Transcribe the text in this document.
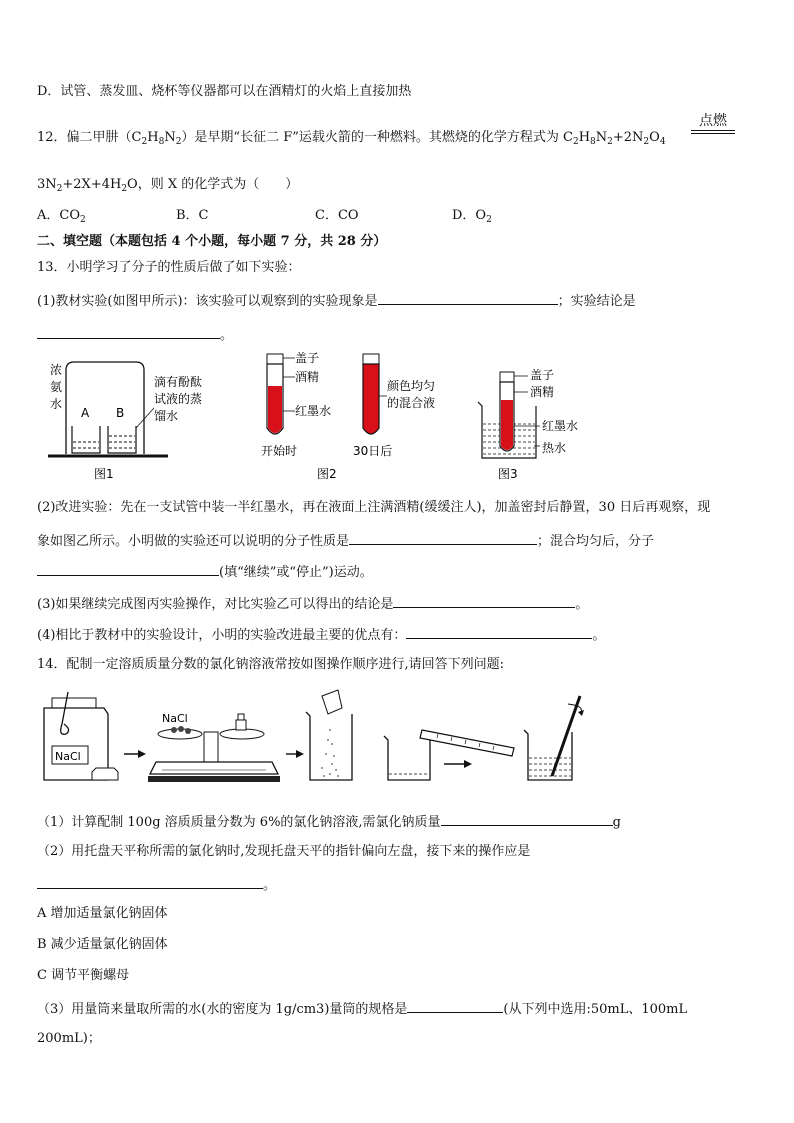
D．试管、蒸发皿、烧杯等仪器都可以在酒精灯的火焰上直接加热
12．偏二甲肼$(C_2H_8N_2)$是早期“长征二 F”运载火箭的一种燃料。其燃烧的化学方程式为 $C_2H_8N_2+2N_2O_4$
点燃
$3N_2+2X+4H_2O$，则 X 的化学式为（　　）
A．$CO_2$	B．C	C．CO	D．$O_2$
二、填空题（本题包括 4 个小题，每小题 7 分，共 28 分）
13．小明学习了分子的性质后做了如下实验：
(1)教材实验(如图甲所示)：该实验可以观察到的实验现象是	；实验结论是
。
浓
氨
水
A B
滴有酚酞
试液的蒸
馏水
图1
盖子
酒精
红墨水
开始时
颜色均匀
的混合液
30日后
图2
盖子
酒精
红墨水
热水
图3
(2)改进实验：先在一支试管中装一半红墨水，再在液面上注满酒精(缓缓注人)，加盖密封后静置，30 日后再观察，现
象如图乙所示。小明做的实验还可以说明的分子性质是	；混合均匀后，分子
(填“继续”或“停止”)运动。
(3)如果继续完成图丙实验操作，对比实验乙可以得出的结论是	。
(4)相比于教材中的实验设计，小明的实验改进最主要的优点有：	。
14．配制一定溶质质量分数的氯化钠溶液常按如图操作顺序进行,请回答下列问题:
NaCl
NaCl
（1）计算配制 100g 溶质质量分数为 6%的氯化钠溶液,需氯化钠质量	g
（2）用托盘天平称所需的氯化钠时,发现托盘天平的指针偏向左盘，接下来的操作应是
。
A 增加适量氯化钠固体
B 减少适量氯化钠固体
C 调节平衡螺母
（3）用量筒来量取所需的水(水的密度为 1g/cm3)量筒的规格是	(从下列中选用:50mL、100mL
200mL)；
